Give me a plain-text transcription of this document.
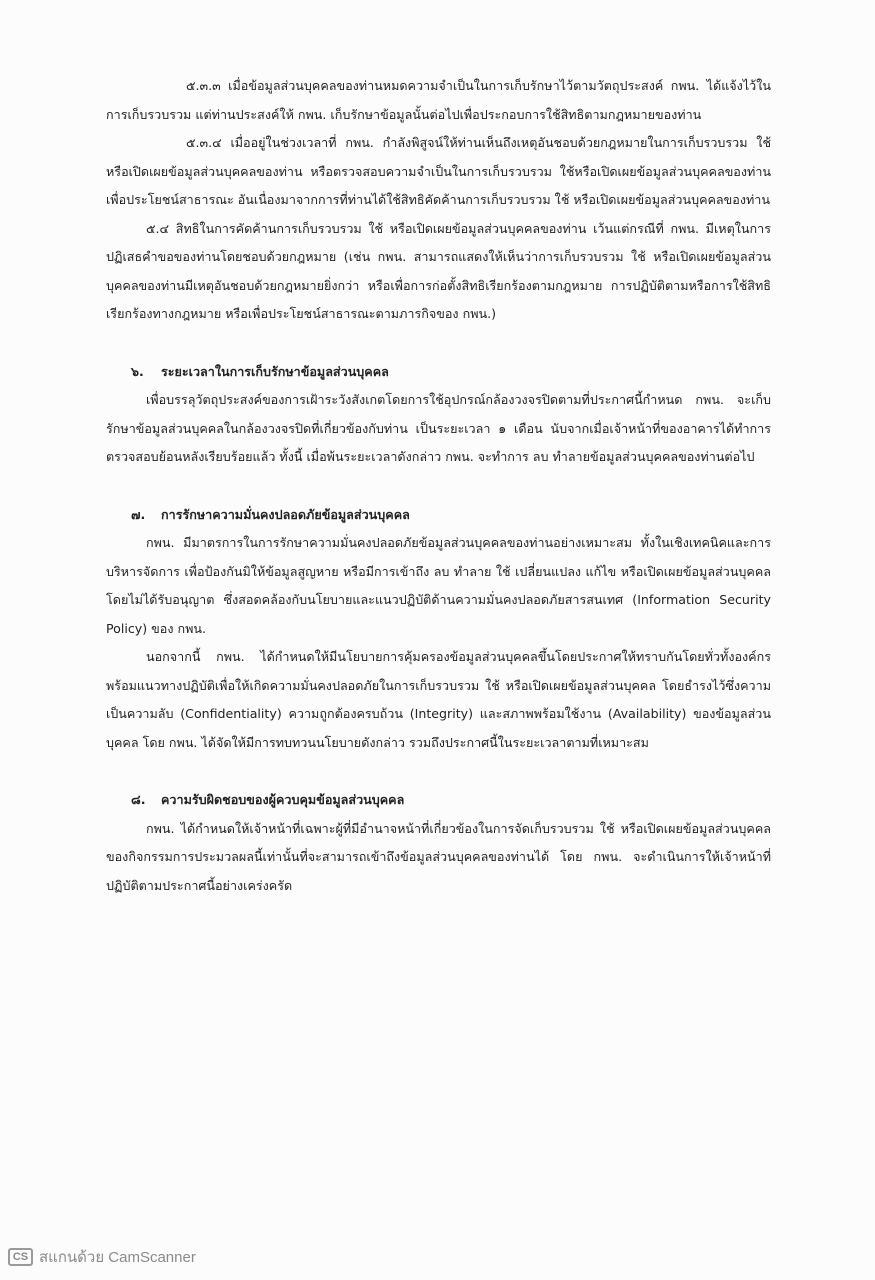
๕.๓.๓ เมื่อข้อมูลส่วนบุคคลของท่านหมดความจำเป็นในการเก็บรักษาไว้ตามวัตถุประสงค์ กพน. ได้แจ้งไว้ในการเก็บรวบรวม แต่ท่านประสงค์ให้ กพน. เก็บรักษาข้อมูลนั้นต่อไปเพื่อประกอบการใช้สิทธิตามกฎหมายของท่าน

๕.๓.๔ เมื่ออยู่ในช่วงเวลาที่ กพน. กำลังพิสูจน์ให้ท่านเห็นถึงเหตุอันชอบด้วยกฎหมายในการเก็บรวบรวม ใช้หรือเปิดเผยข้อมูลส่วนบุคคลของท่าน หรือตรวจสอบความจำเป็นในการเก็บรวบรวม ใช้หรือเปิดเผยข้อมูลส่วนบุคคลของท่านเพื่อประโยชน์สาธารณะ อันเนื่องมาจากการที่ท่านได้ใช้สิทธิคัดค้านการเก็บรวบรวม ใช้ หรือเปิดเผยข้อมูลส่วนบุคคลของท่าน

๕.๔ สิทธิในการคัดค้านการเก็บรวบรวม ใช้ หรือเปิดเผยข้อมูลส่วนบุคคลของท่าน เว้นแต่กรณีที่ กพน. มีเหตุในการปฏิเสธคำขอของท่านโดยชอบด้วยกฎหมาย (เช่น กพน. สามารถแสดงให้เห็นว่าการเก็บรวบรวม ใช้ หรือเปิดเผยข้อมูลส่วนบุคคลของท่านมีเหตุอันชอบด้วยกฎหมายยิ่งกว่า หรือเพื่อการก่อตั้งสิทธิเรียกร้องตามกฎหมาย การปฏิบัติตามหรือการใช้สิทธิเรียกร้องทางกฎหมาย หรือเพื่อประโยชน์สาธารณะตามภารกิจของ กพน.)

๖. ระยะเวลาในการเก็บรักษาข้อมูลส่วนบุคคล

เพื่อบรรลุวัตถุประสงค์ของการเฝ้าระวังสังเกตโดยการใช้อุปกรณ์กล้องวงจรปิดตามที่ประกาศนี้กำหนด กพน. จะเก็บรักษาข้อมูลส่วนบุคคลในกล้องวงจรปิดที่เกี่ยวข้องกับท่าน เป็นระยะเวลา ๑ เดือน นับจากเมื่อเจ้าหน้าที่ของอาคารได้ทำการตรวจสอบย้อนหลังเรียบร้อยแล้ว ทั้งนี้ เมื่อพ้นระยะเวลาดังกล่าว กพน. จะทำการ ลบ ทำลายข้อมูลส่วนบุคคลของท่านต่อไป

๗. การรักษาความมั่นคงปลอดภัยข้อมูลส่วนบุคคล

กพน. มีมาตรการในการรักษาความมั่นคงปลอดภัยข้อมูลส่วนบุคคลของท่านอย่างเหมาะสม ทั้งในเชิงเทคนิคและการบริหารจัดการ เพื่อป้องกันมิให้ข้อมูลสูญหาย หรือมีการเข้าถึง ลบ ทำลาย ใช้ เปลี่ยนแปลง แก้ไข หรือเปิดเผยข้อมูลส่วนบุคคลโดยไม่ได้รับอนุญาต ซึ่งสอดคล้องกับนโยบายและแนวปฏิบัติด้านความมั่นคงปลอดภัยสารสนเทศ (Information Security Policy) ของ กพน.

นอกจากนี้ กพน. ได้กำหนดให้มีนโยบายการคุ้มครองข้อมูลส่วนบุคคลขึ้นโดยประกาศให้ทราบกันโดยทั่วทั้งองค์กร พร้อมแนวทางปฏิบัติเพื่อให้เกิดความมั่นคงปลอดภัยในการเก็บรวบรวม ใช้ หรือเปิดเผยข้อมูลส่วนบุคคล โดยธำรงไว้ซึ่งความเป็นความลับ (Confidentiality) ความถูกต้องครบถ้วน (Integrity) และสภาพพร้อมใช้งาน (Availability) ของข้อมูลส่วนบุคคล โดย กพน. ได้จัดให้มีการทบทวนนโยบายดังกล่าว รวมถึงประกาศนี้ในระยะเวลาตามที่เหมาะสม

๘. ความรับผิดชอบของผู้ควบคุมข้อมูลส่วนบุคคล

กพน. ได้กำหนดให้เจ้าหน้าที่เฉพาะผู้ที่มีอำนาจหน้าที่เกี่ยวข้องในการจัดเก็บรวบรวม ใช้ หรือเปิดเผยข้อมูลส่วนบุคคลของกิจกรรมการประมวลผลนี้เท่านั้นที่จะสามารถเข้าถึงข้อมูลส่วนบุคคลของท่านได้ โดย กพน. จะดำเนินการให้เจ้าหน้าที่ปฏิบัติตามประกาศนี้อย่างเคร่งครัด

CS สแกนด้วย CamScanner
